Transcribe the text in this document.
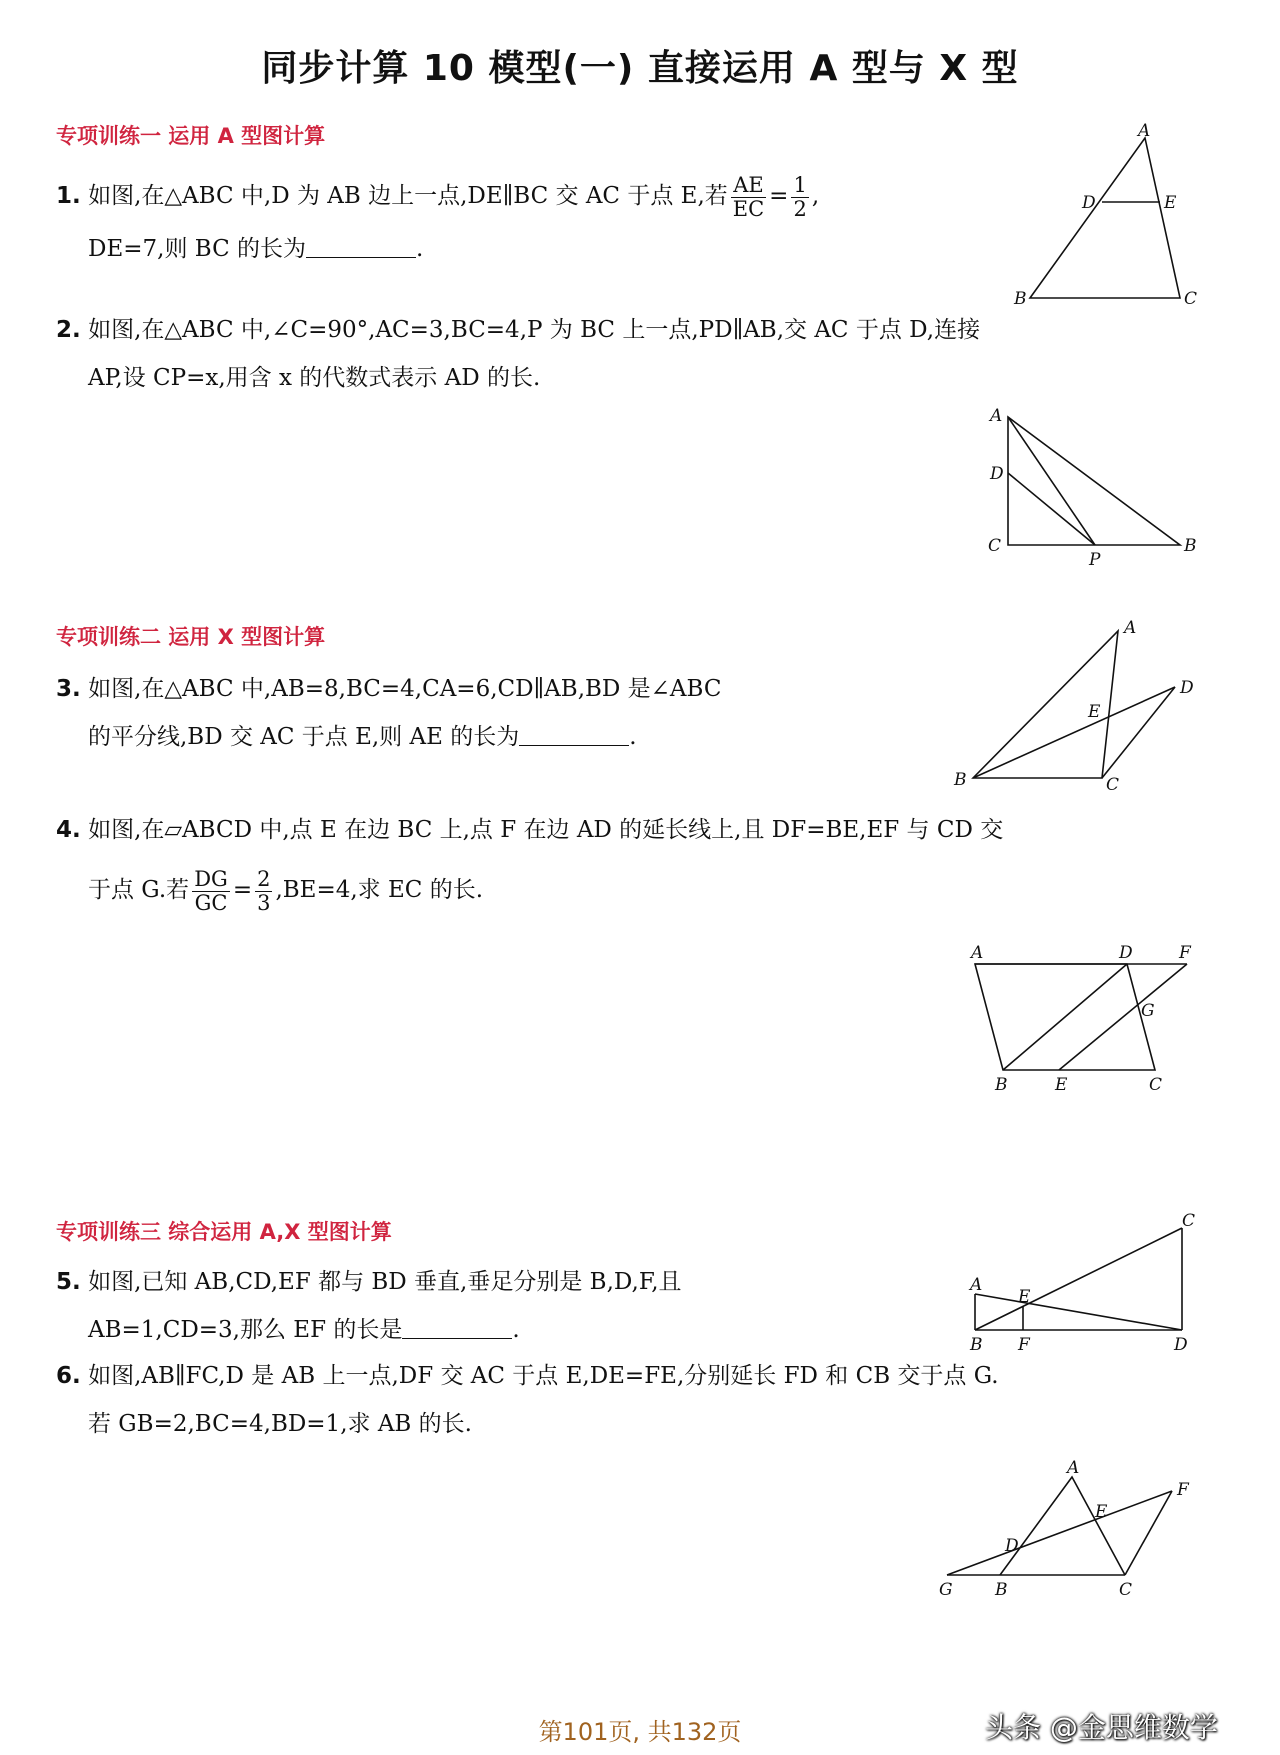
同步计算 10 模型(一) 直接运用 A 型与 X 型
专项训练一 运用 A 型图计算
1. 如图,在△ABC 中,D 为 AB 边上一点,DE∥BC 交 AC 于点 E,若 $\frac{AE}{EC} = \frac{1}{2}$ ,
DE=7,则 BC 的长为	.
A
D	E
B	C
2. 如图,在△ABC 中,∠C=90°,AC=3,BC=4,P 为 BC 上一点,PD∥AB,交 AC 于点 D,连接
AP,设 CP=x,用含 x 的代数式表示 AD 的长.
A
D
C
P
B
专项训练二 运用 X 型图计算
3. 如图,在△ABC 中,AB=8,BC=4,CA=6,CD∥AB,BD 是∠ABC
的平分线,BD 交 AC 于点 E,则 AE 的长为	.
A
D
E
B	C
4. 如图,在▱ABCD 中,点 E 在边 BC 上,点 F 在边 AD 的延长线上,且 DF=BE,EF 与 CD 交
于点 G.若 $\frac{DG}{GC} = \frac{2}{3} ,BE=4$,求 EC 的长.
A	D	F
G
B	E	C
专项训练三 综合运用 A,X 型图计算
5. 如图,已知 AB,CD,EF 都与 BD 垂直,垂足分别是 B,D,F,且
AB=1,CD=3,那么 EF 的长是	.
C
A
E
B F	D
6. 如图,AB∥FC,D 是 AB 上一点,DF 交 AC 于点 E,DE=FE,分别延长 FD 和 CB 交于点 G.
若 GB=2,BC=4,BD=1,求 AB 的长.
A
F
E
D
G B	C
第101页, 共132页	头条 @金思维数学
